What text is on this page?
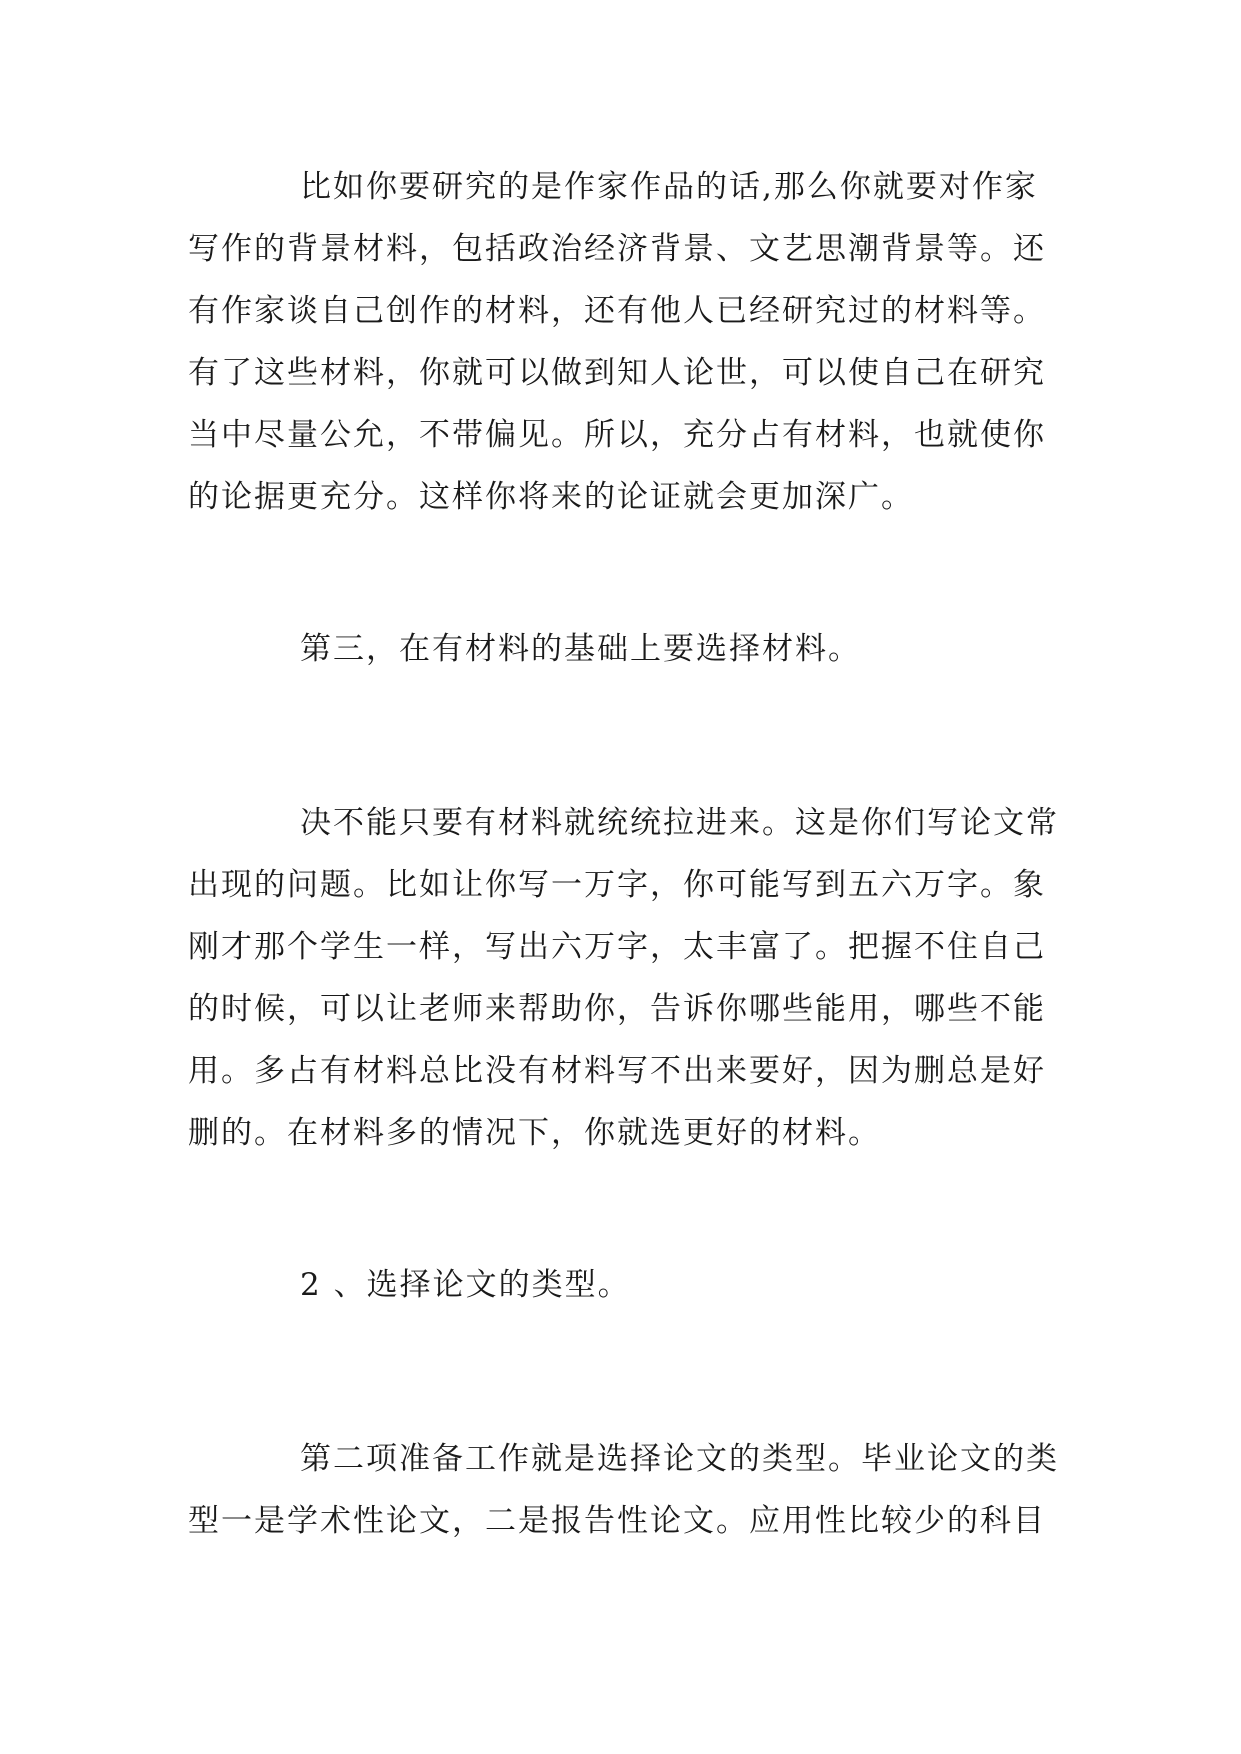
比如你要研究的是作家作品的话,那么你就要对作家
写作的背景材料，包括政治经济背景、文艺思潮背景等。还
有作家谈自己创作的材料，还有他人已经研究过的材料等。
有了这些材料，你就可以做到知人论世，可以使自己在研究
当中尽量公允，不带偏见。所以，充分占有材料，也就使你
的论据更充分。这样你将来的论证就会更加深广。
第三，在有材料的基础上要选择材料。
决不能只要有材料就统统拉进来。这是你们写论文常
出现的问题。比如让你写一万字，你可能写到五六万字。象
刚才那个学生一样，写出六万字，太丰富了。把握不住自己
的时候，可以让老师来帮助你，告诉你哪些能用，哪些不能
用。多占有材料总比没有材料写不出来要好，因为删总是好
删的。在材料多的情况下，你就选更好的材料。
2 、选择论文的类型。
第二项准备工作就是选择论文的类型。毕业论文的类
型一是学术性论文，二是报告性论文。应用性比较少的科目
